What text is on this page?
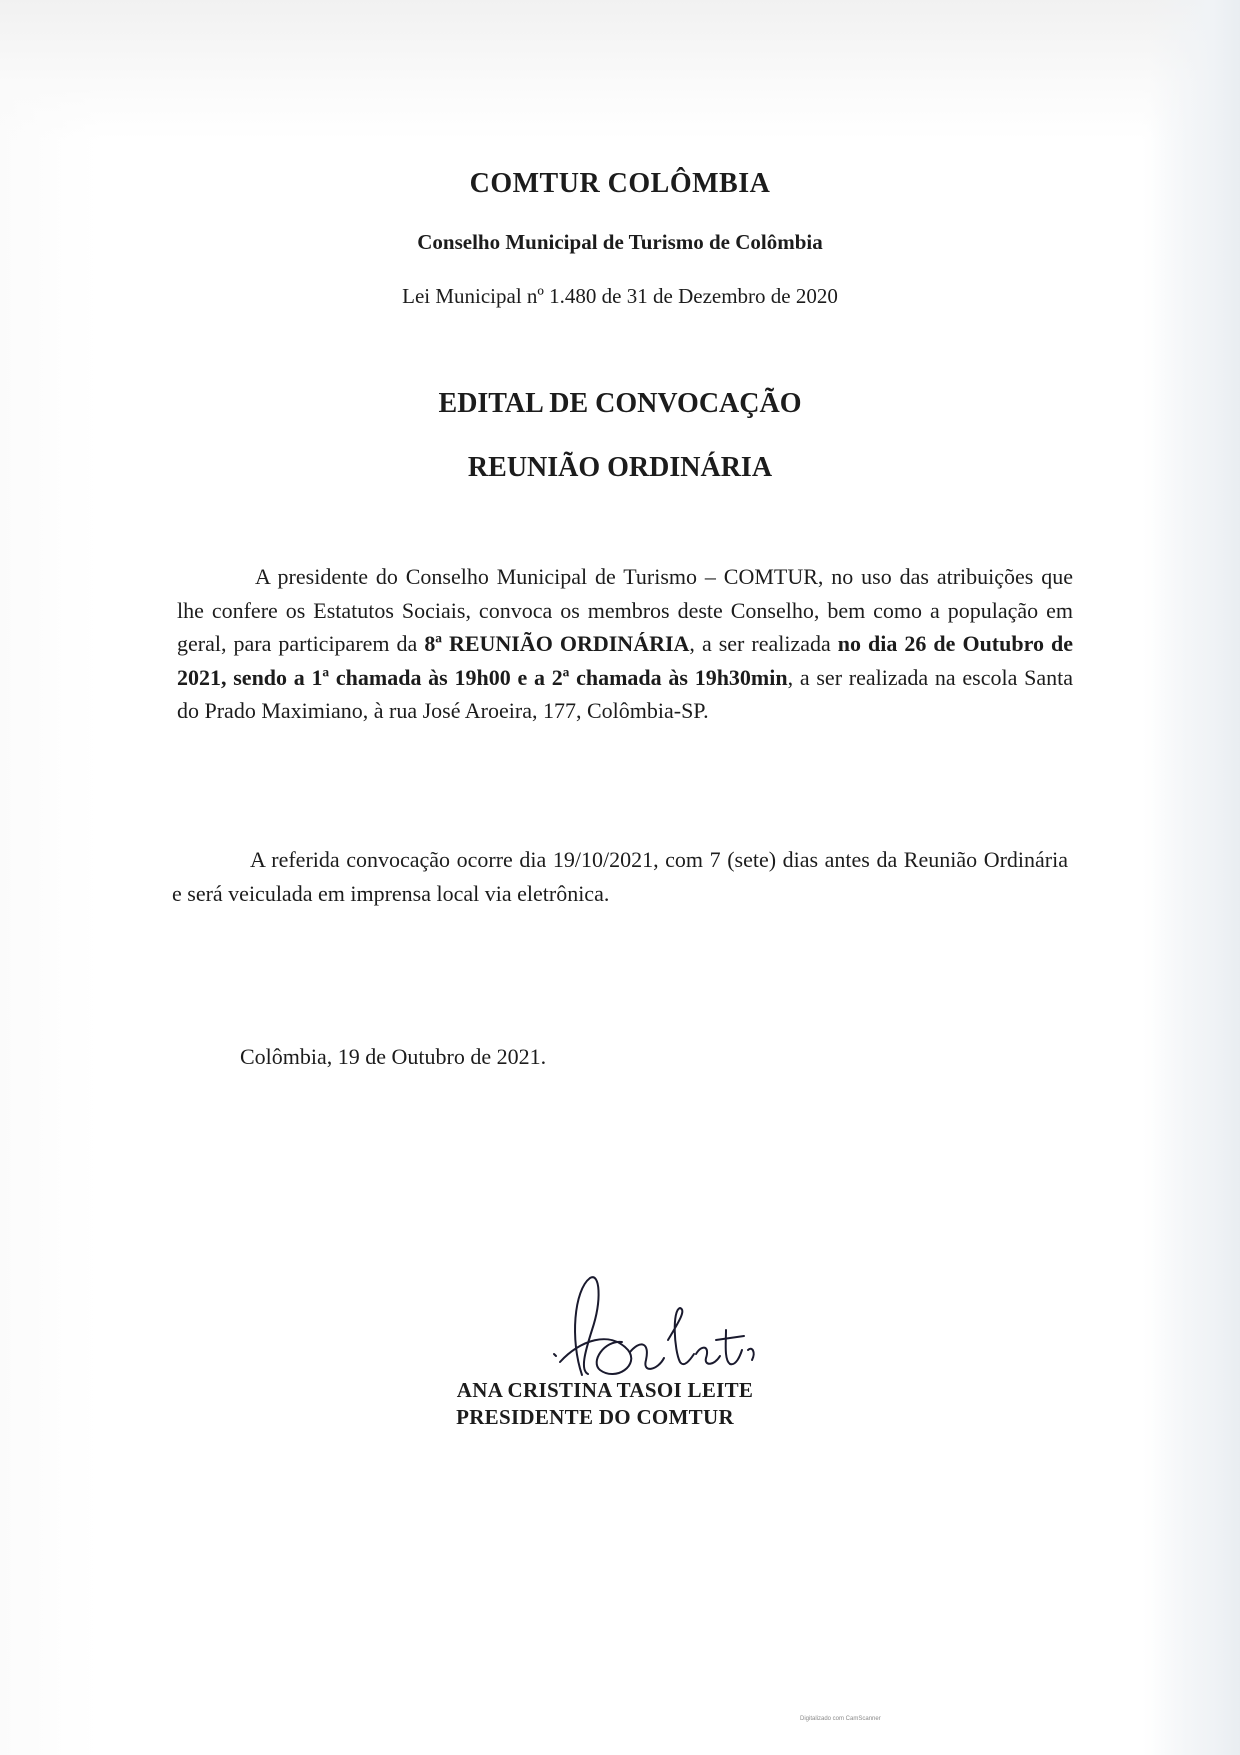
COMTUR COLÔMBIA
Conselho Municipal de Turismo de Colômbia
Lei Municipal nº 1.480 de 31 de Dezembro de 2020
EDITAL DE CONVOCAÇÃO
REUNIÃO ORDINÁRIA
A presidente do Conselho Municipal de Turismo – COMTUR, no uso das atribuições que lhe confere os Estatutos Sociais, convoca os membros deste Conselho, bem como a população em geral, para participarem da 8ª REUNIÃO ORDINÁRIA, a ser realizada no dia 26 de Outubro de 2021, sendo a 1ª chamada às 19h00 e a 2ª chamada às 19h30min, a ser realizada na escola Santa do Prado Maximiano, à rua José Aroeira, 177, Colômbia-SP.
A referida convocação ocorre dia 19/10/2021, com 7 (sete) dias antes da Reunião Ordinária e será veiculada em imprensa local via eletrônica.
Colômbia, 19 de Outubro de 2021.
ANA CRISTINA TASOI LEITE
PRESIDENTE DO COMTUR
Digitalizado com CamScanner
